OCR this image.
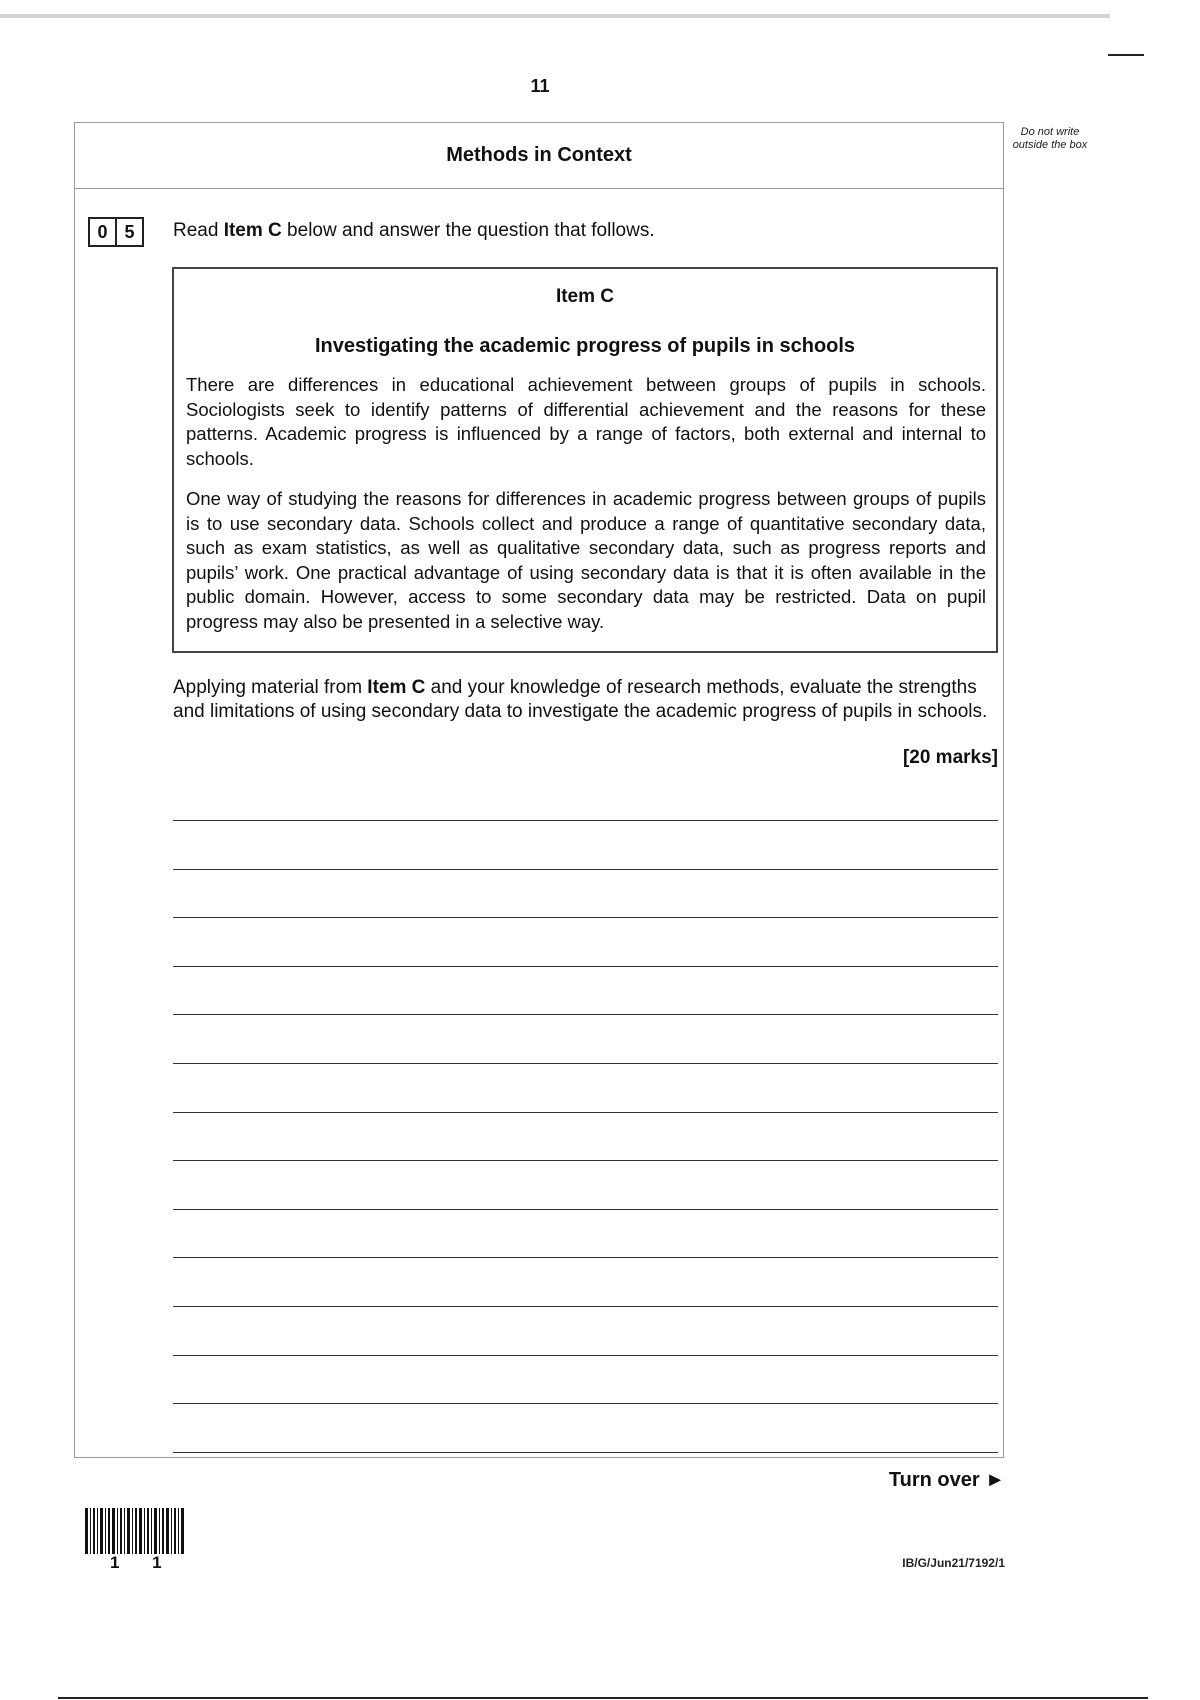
11
Do not write outside the box
Methods in Context
0 5	Read Item C below and answer the question that follows.
Item C
Investigating the academic progress of pupils in schools

There are differences in educational achievement between groups of pupils in schools. Sociologists seek to identify patterns of differential achievement and the reasons for these patterns. Academic progress is influenced by a range of factors, both external and internal to schools.

One way of studying the reasons for differences in academic progress between groups of pupils is to use secondary data. Schools collect and produce a range of quantitative secondary data, such as exam statistics, as well as qualitative secondary data, such as progress reports and pupils’ work. One practical advantage of using secondary data is that it is often available in the public domain. However, access to some secondary data may be restricted. Data on pupil progress may also be presented in a selective way.

Applying material from Item C and your knowledge of research methods, evaluate the strengths and limitations of using secondary data to investigate the academic progress of pupils in schools.

[20 marks]
Turn over ►
1 1	IB/G/Jun21/7192/1
